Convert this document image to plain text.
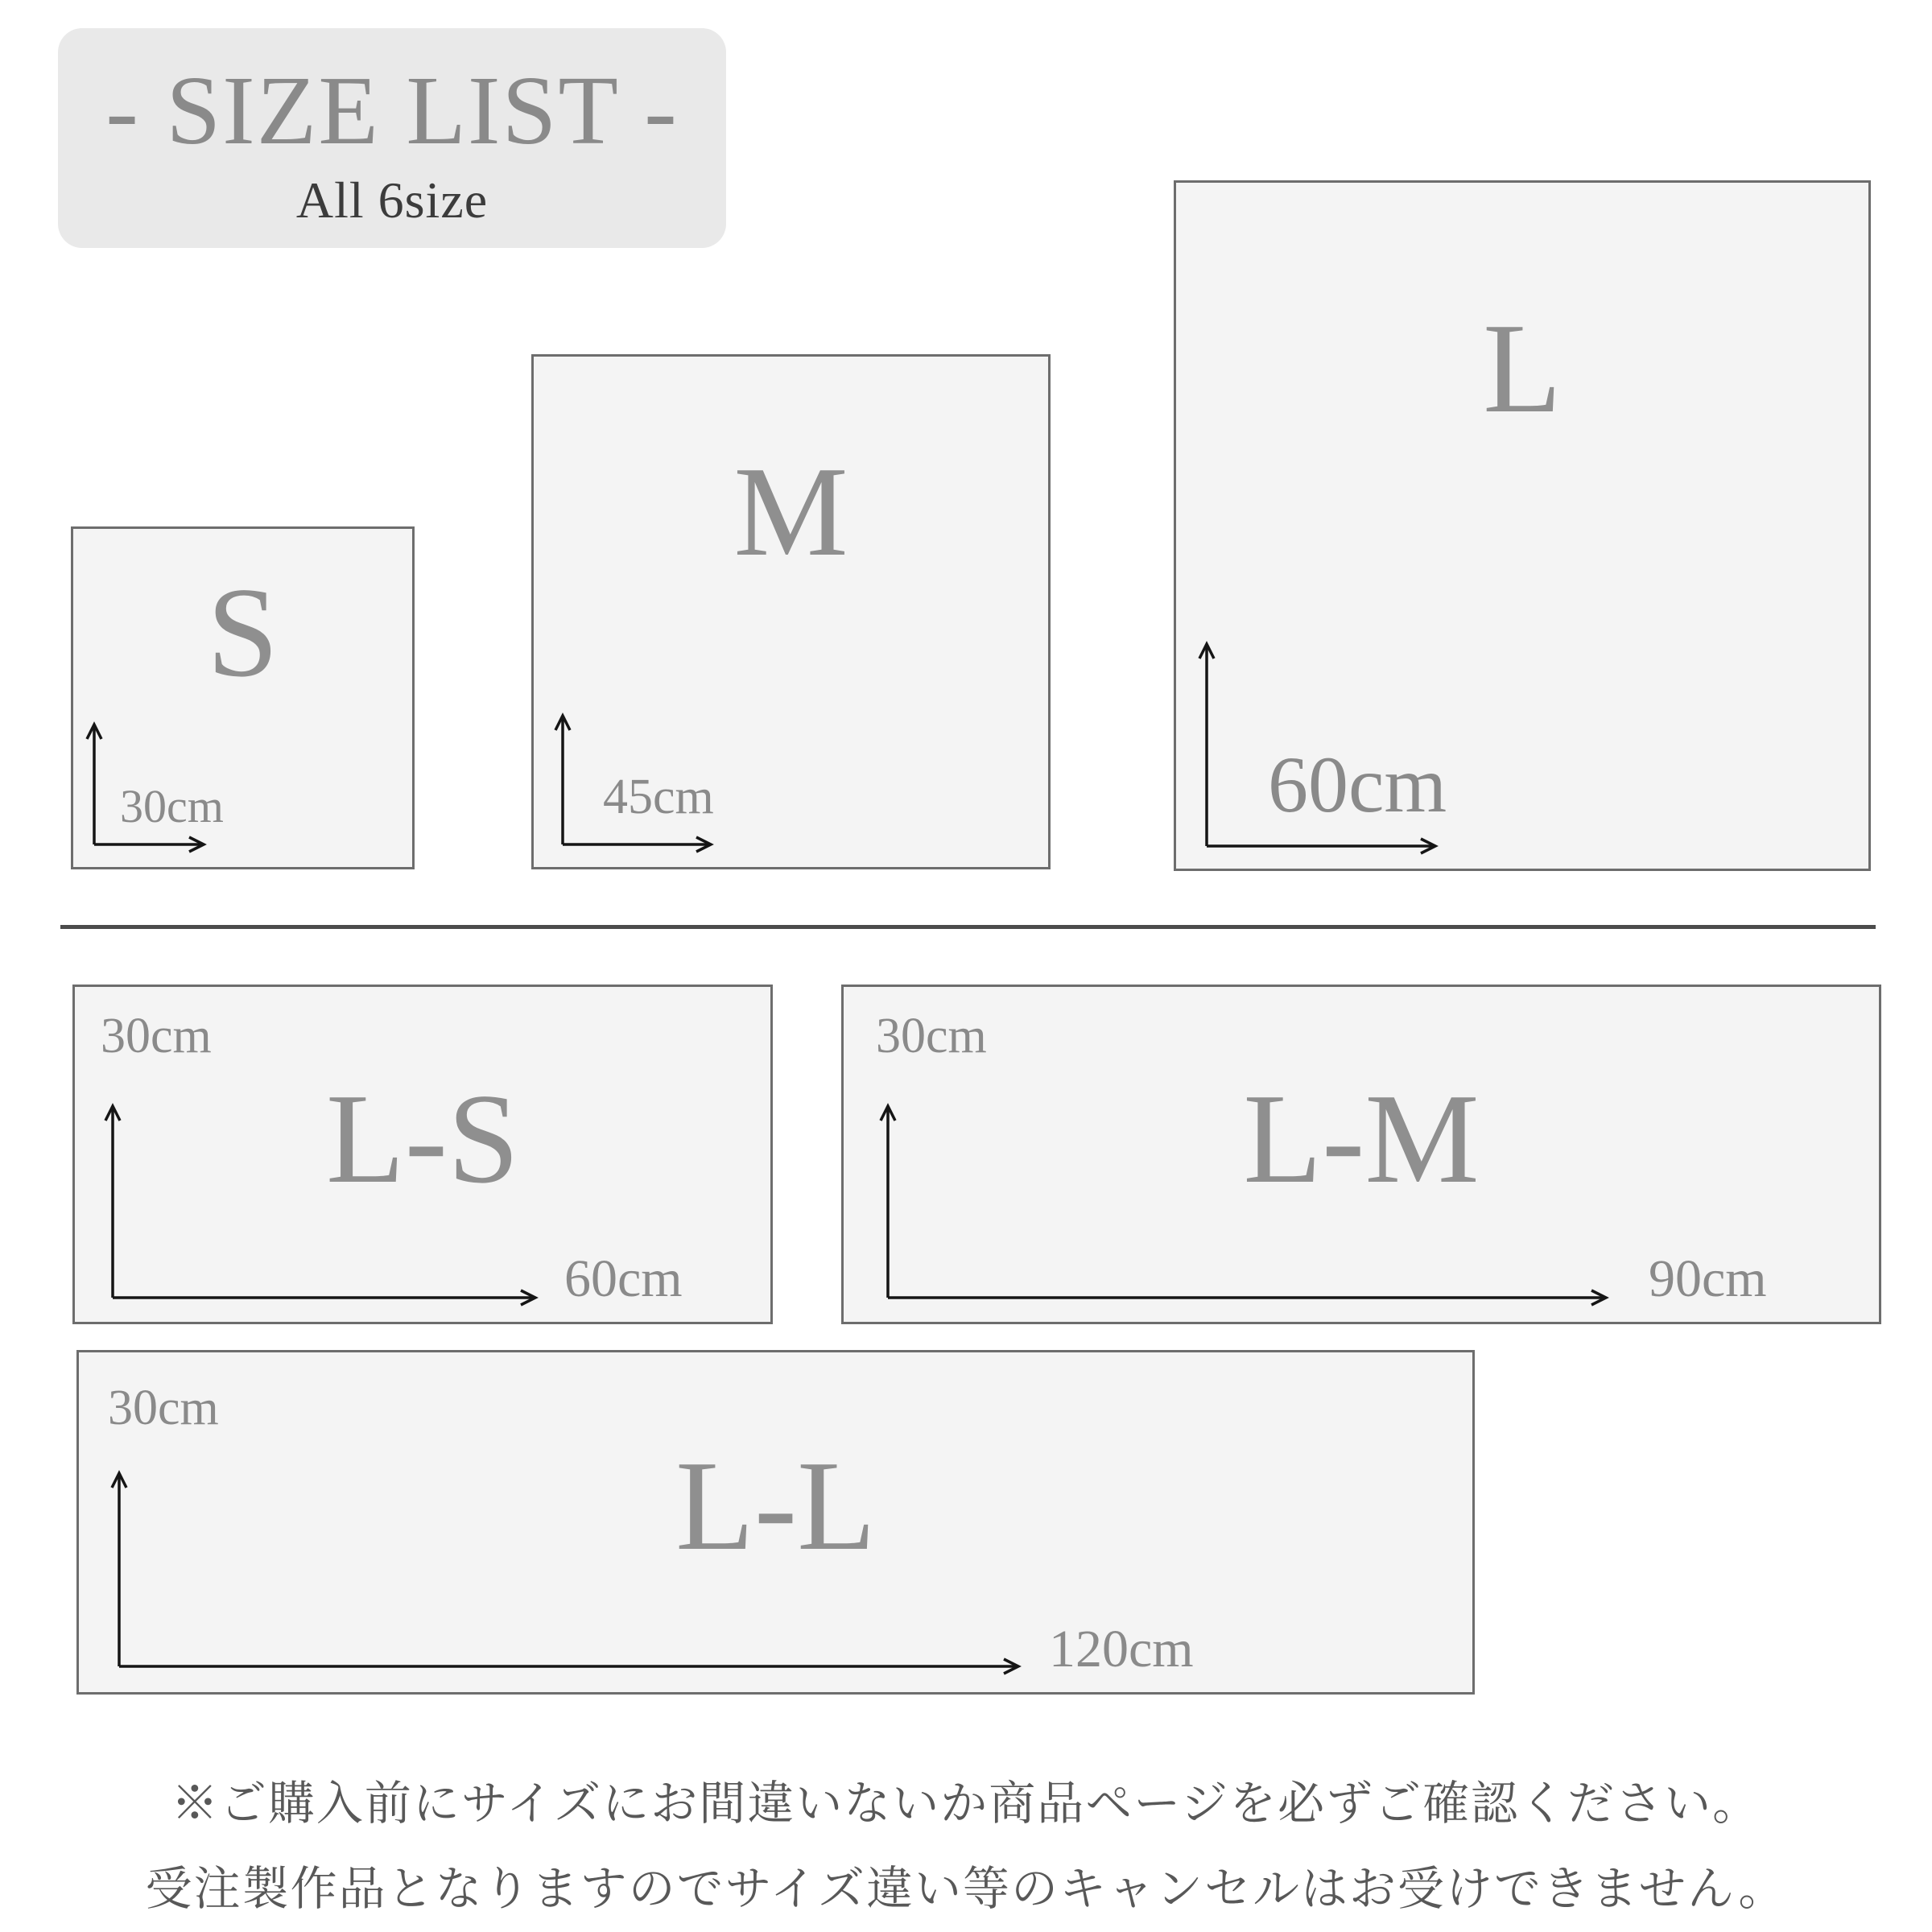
- SIZE LIST -
All 6size
S
30cm
M
45cm
L
60cm
L-S
30cm
60cm
L-M
30cm
90cm
L-L
30cm
120cm
※ご購入前にサイズにお間違いないか商品ページを必ずご確認ください。
受注製作品となりますのでサイズ違い等のキャンセルはお受けできません。
